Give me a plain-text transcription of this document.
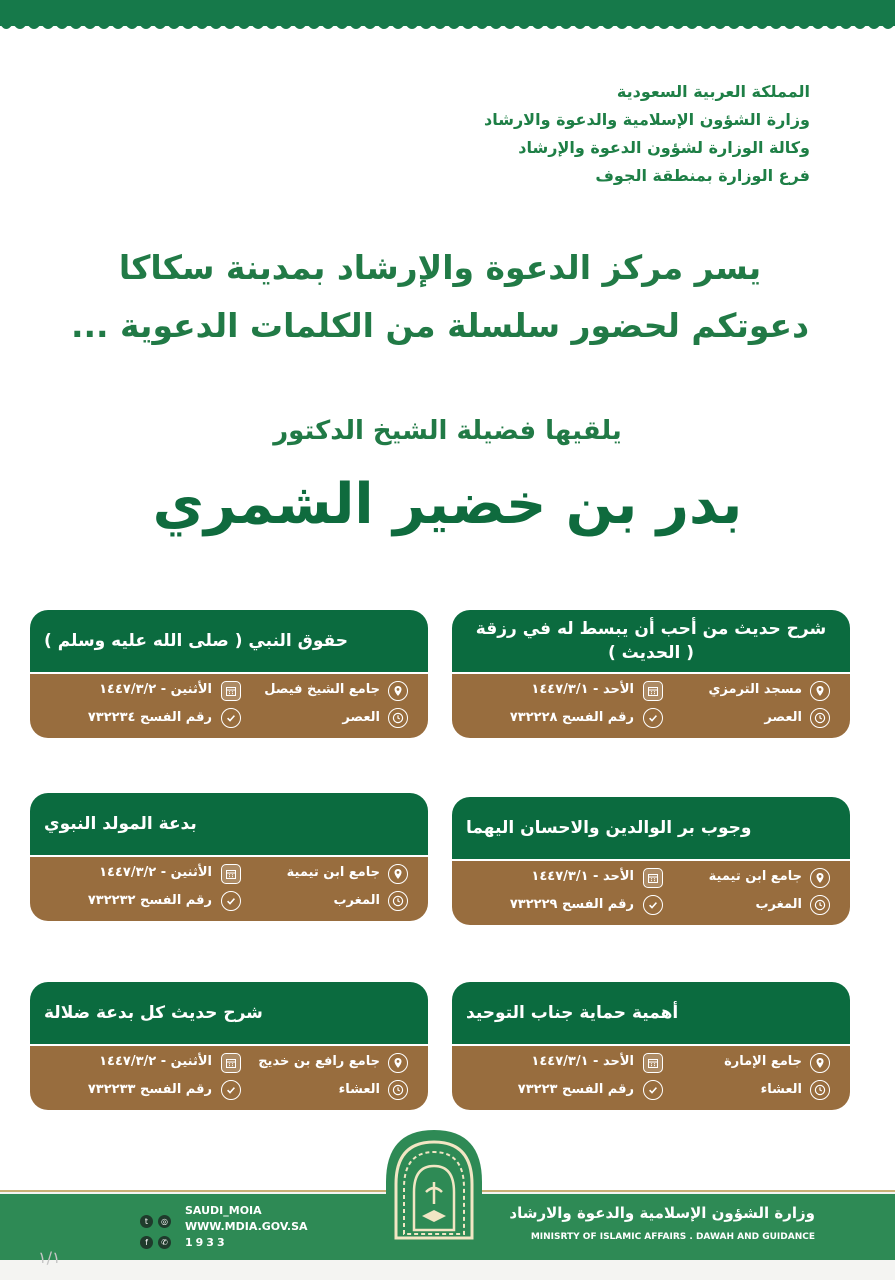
المملكة العربية السعودية
وزارة الشؤون الإسلامية والدعوة والارشاد
وكالة الوزارة لشؤون الدعوة والإرشاد
فرع الوزارة بمنطقة الجوف
يسر مركز الدعوة والإرشاد بمدينة سكاكا
دعوتكم لحضور سلسلة من الكلمات الدعوية ...
يلقيها فضيلة الشيخ الدكتور
بدر بن خضير الشمري
شرح حديث من أحب أن يبسط له في رزقة
( الحديث )
مسجد الترمزي
الأحد - ١٤٤٧/٣/١
العصر
رقم الفسح ٧٣٢٢٢٨
حقوق النبي ( صلى الله عليه وسلم )
جامع الشيخ فيصل
الأثنين - ١٤٤٧/٣/٢
العصر
رقم الفسح ٧٣٢٢٣٤
وجوب بر الوالدين والاحسان اليهما
جامع ابن تيمية
الأحد - ١٤٤٧/٣/١
المغرب
رقم الفسح ٧٣٢٢٢٩
بدعة المولد النبوي
جامع ابن تيمية
الأثنين - ١٤٤٧/٣/٢
المغرب
رقم الفسح ٧٣٢٢٣٢
أهمية حماية جناب التوحيد
جامع الإمارة
الأحد - ١٤٤٧/٣/١
العشاء
رقم الفسح ٧٣٢٢٣
شرح حديث كل بدعة ضلالة
جامع رافع بن خديج
الأثنين - ١٤٤٧/٣/٢
العشاء
رقم الفسح ٧٣٢٢٣٣
وزارة الشؤون الإسلامية والدعوة والارشاد
MINISRTY OF ISLAMIC AFFAIRS . DAWAH AND GUIDANCE
t	◎
f	✆
SAUDI_MOIA
WWW.MDIA.GOV.SA
1933
١/١
